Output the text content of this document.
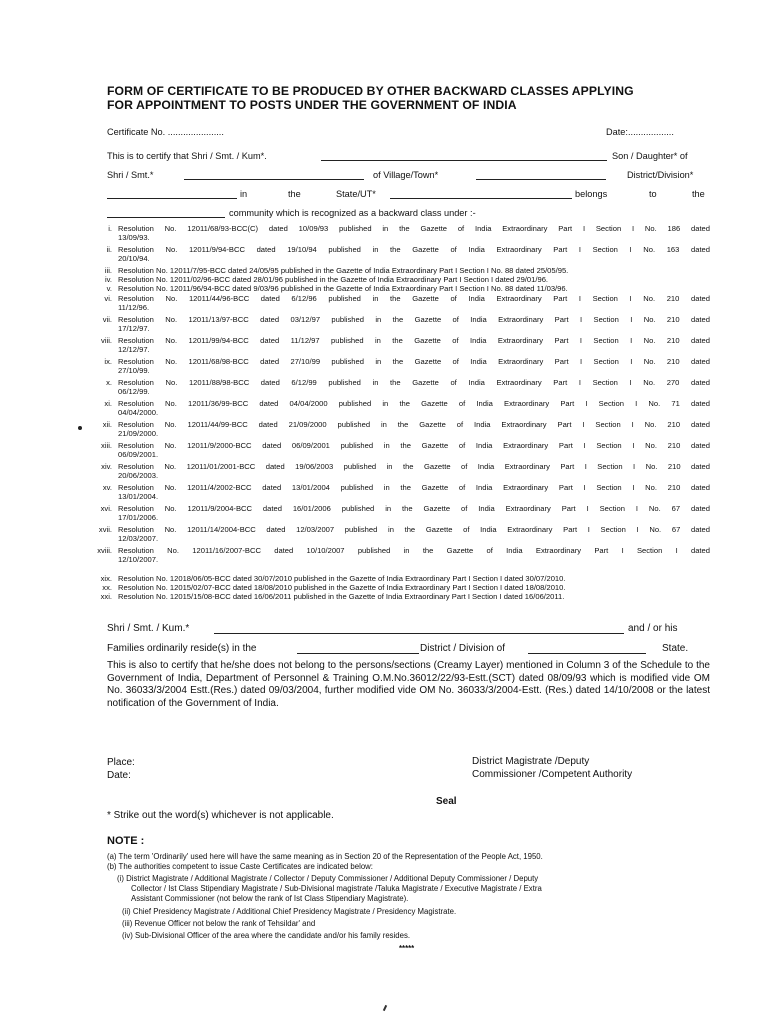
FORM OF CERTIFICATE TO BE PRODUCED BY OTHER BACKWARD CLASSES APPLYING
FOR APPOINTMENT TO POSTS UNDER THE GOVERNMENT OF INDIA
Certificate No. ......................	Date:..................
This is to certify that Shri / Smt. / Kum*.	Son / Daughter* of
Shri / Smt.*	of Village/Town*	District/Division*
in	the	State/UT*	belongs	to	the
community which is recognized as a backward class under :-
i. Resolution No. 12011/68/93-BCC(C) dated 10/09/93 published in the Gazette of India Extraordinary Part I Section I No. 186 dated
13/09/93.
ii. Resolution No. 12011/9/94-BCC dated 19/10/94 published in the Gazette of India Extraordinary Part I Section I No. 163 dated
20/10/94.
iii. Resolution No. 12011/7/95-BCC dated 24/05/95 published in the Gazette of India Extraordinary Part I Section I No. 88 dated 25/05/95.
iv. Resolution No. 12011/02/96-BCC dated 28/01/96 published in the Gazette of India Extraordinary Part I Section I dated 29/01/96.
v. Resolution No. 12011/96/94-BCC dated 9/03/96 published in the Gazette of India Extraordinary Part I Section I No. 88 dated 11/03/96.
vi. Resolution No. 12011/44/96-BCC dated 6/12/96 published in the Gazette of India Extraordinary Part I Section I No. 210 dated
11/12/96.
vii. Resolution No. 12011/13/97-BCC dated 03/12/97 published in the Gazette of India Extraordinary Part I Section I No. 210 dated
17/12/97.
viii. Resolution No. 12011/99/94-BCC dated 11/12/97 published in the Gazette of India Extraordinary Part I Section I No. 210 dated
12/12/97.
ix. Resolution No. 12011/68/98-BCC dated 27/10/99 published in the Gazette of India Extraordinary Part I Section I No. 210 dated
27/10/99.
x. Resolution No. 12011/88/98-BCC dated 6/12/99 published in the Gazette of India Extraordinary Part I Section I No. 270 dated
06/12/99.
xi. Resolution No. 12011/36/99-BCC dated 04/04/2000 published in the Gazette of India Extraordinary Part I Section I No. 71 dated
04/04/2000.
xii. Resolution No. 12011/44/99-BCC dated 21/09/2000 published in the Gazette of India Extraordinary Part I Section I No. 210 dated
21/09/2000.
xiii. Resolution No. 12011/9/2000-BCC dated 06/09/2001 published in the Gazette of India Extraordinary Part I Section I No. 210 dated
06/09/2001.
xiv. Resolution No. 12011/01/2001-BCC dated 19/06/2003 published in the Gazette of India Extraordinary Part I Section I No. 210 dated
20/06/2003.
xv. Resolution No. 12011/4/2002-BCC dated 13/01/2004 published in the Gazette of India Extraordinary Part I Section I No. 210 dated
13/01/2004.
xvi. Resolution No. 12011/9/2004-BCC dated 16/01/2006 published in the Gazette of India Extraordinary Part I Section I No. 67 dated
17/01/2006.
xvii. Resolution No. 12011/14/2004-BCC dated 12/03/2007 published in the Gazette of India Extraordinary Part I Section I No. 67 dated
12/03/2007.
xviii. Resolution No. 12011/16/2007-BCC dated 10/10/2007 published in the Gazette of India Extraordinary Part I Section I dated
12/10/2007.
xix. Resolution No. 12018/06/05-BCC dated 30/07/2010 published in the Gazette of India Extraordinary Part I Section I dated 30/07/2010.
xx. Resolution No. 12015/02/07-BCC dated 18/08/2010 published in the Gazette of India Extraordinary Part I Section I dated 18/08/2010.
xxi. Resolution No. 12015/15/08-BCC dated 16/06/2011 published in the Gazette of India Extraordinary Part I Section I dated 16/06/2011.
Shri / Smt. / Kum.*	and / or his
Families ordinarily reside(s) in the	District / Division of	State.
This is also to certify that he/she does not belong to the persons/sections (Creamy Layer) mentioned in Column 3 of the Schedule to the Government of India, Department of Personnel & Training O.M.No.36012/22/93-Estt.(SCT) dated 08/09/93 which is modified vide OM No. 36033/3/2004 Estt.(Res.) dated 09/03/2004, further modified vide OM No. 36033/3/2004-Estt. (Res.) dated 14/10/2008 or the latest notification of the Government of India.
Place:
Date:
District Magistrate /Deputy
Commissioner /Competent Authority
Seal
* Strike out the word(s) whichever is not applicable.
NOTE :
(a) The term 'Ordinarily' used here will have the same meaning as in Section 20 of the Representation of the People Act, 1950.
(b) The authorities competent to issue Caste Certificates are indicated below:
(i) District Magistrate / Additional Magistrate / Collector / Deputy Commissioner / Additional Deputy Commissioner / Deputy
Collector / Ist Class Stipendiary Magistrate / Sub-Divisional magistrate /Taluka Magistrate / Executive Magistrate / Extra
Assistant Commissioner (not below the rank of Ist Class Stipendiary Magistrate).
(ii) Chief Presidency Magistrate / Additional Chief Presidency Magistrate / Presidency Magistrate.
(iii) Revenue Officer not below the rank of Tehsildar' and
(iv) Sub-Divisional Officer of the area where the candidate and/or his family resides.
*****
